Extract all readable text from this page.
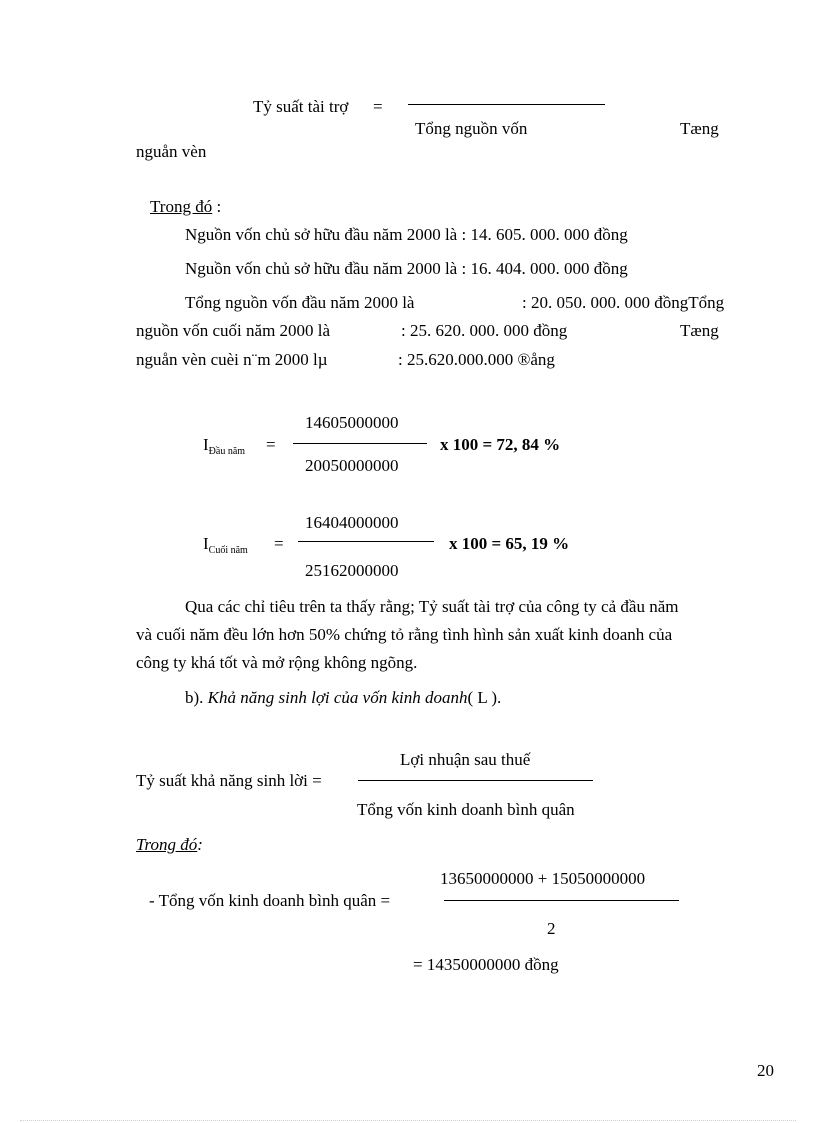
Tỷ suất tài trợ =
Tổng nguồn vốn	Tæng
nguån vèn
Trong đó :
Nguồn vốn chủ sở hữu đầu năm 2000 là : 14. 605. 000. 000 đồng
Nguồn vốn chủ sở hữu đầu năm 2000 là : 16. 404. 000. 000 đồng
Tổng nguồn vốn đầu năm 2000 là	: 20. 050. 000. 000 đồngTổng
nguồn vốn cuối năm 2000 là	: 25. 620. 000. 000 đồng	Tæng
nguån vèn cuèi n¨m 2000 lµ	: 25.620.000.000 ®ång
14605000000
$I_{Đầu năm}$ =	x 100 = 72, 84 %
20050000000
16404000000
$I_{Cuối năm}$ =	x 100 = 65, 19 %
25162000000
Qua các chỉ tiêu trên ta thấy rằng; Tỷ suất tài trợ của công ty cả đầu năm
và cuối năm đều lớn hơn 50% chứng tỏ rằng tình hình sản xuất kinh doanh của
công ty khá tốt và mở rộng không ngõng.
b). Khả năng sinh lợi của vốn kinh doanh( L ).
Lợi nhuận sau thuế
Tỷ suất khả năng sinh lời =
Tổng vốn kinh doanh bình quân
Trong đó:
13650000000 + 15050000000
- Tổng vốn kinh doanh bình quân =
2
= 14350000000 đồng
20
